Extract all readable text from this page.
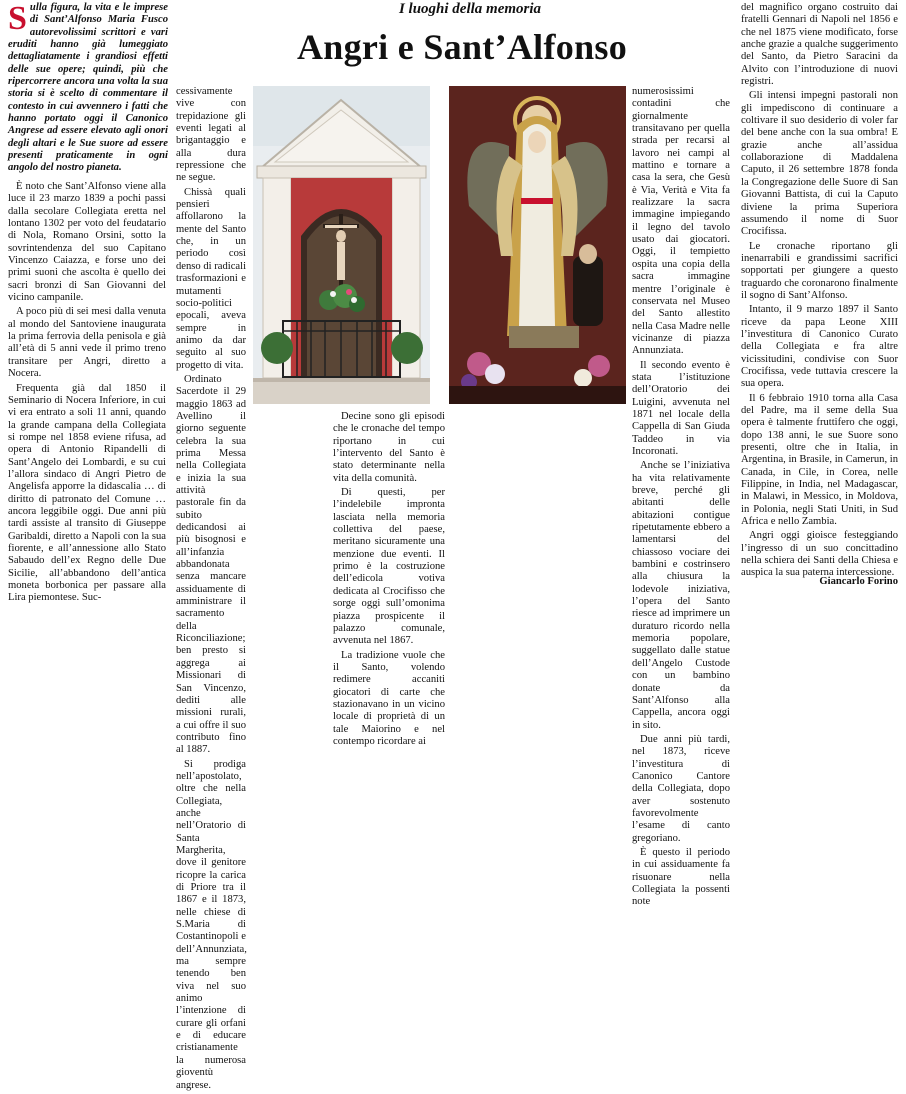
I luoghi della memoria
Angri e Sant’Alfonso
Sulla figura, la vita e le imprese di Sant’Alfonso Maria Fusco autorevolissimi scrittori e vari eruditi hanno già lumeggiato dettagliatamente i grandiosi effetti delle sue opere; quindi, più che ripercorrere ancora una volta la sua storia si è scelto di commentare il contesto in cui avvennero i fatti che hanno portato oggi il Canonico Angrese ad essere elevato agli onori degli altari e le Sue suore ad essere presenti praticamente in ogni angolo del nostro pianeta.

È noto che Sant’Alfonso viene alla luce il 23 marzo 1839 a pochi passi dalla secolare Collegiata eretta nel lontano 1302 per voto del feudatario di Nola, Romano Orsini, sotto la sovrintendenza del suo Capitano Vincenzo Caiazza, e forse uno dei primi suoni che ascolta è quello dei sacri bronzi di San Giovanni del vicino campanile.

A poco più di sei mesi dalla venuta al mondo del Santoviene inaugurata la prima ferrovia della penisola e già all’età di 5 anni vede il primo treno transitare per Angri, diretto a Nocera.

Frequenta già dal 1850 il Seminario di Nocera Inferiore, in cui vi era entrato a soli 11 anni, quando la grande campana della Collegiata si rompe nel 1858 eviene rifusa, ad opera di Antonio Ripandelli di Sant’Angelo dei Lombardi, e su cui l’allora sindaco di Angri Pietro de Angelisfa apporre la didascalia … di diritto di patronato del Comune … ancora leggibile oggi. Due anni più tardi assiste al transito di Giuseppe Garibaldi, diretto a Napoli con la sua fiorente, e all’annessione allo Stato Sabaudo dell’ex Regno delle Due Sicilie, all’abbandono dell’antica moneta borbonica per passare alla Lira piemontese. Suc-

cessivamente vive con trepidazione gli eventi legati al brigantaggio e alla dura repressione che ne segue.

Chissà quali pensieri affollarono la mente del Santo che, in un periodo così denso di radicali trasformazioni e mutamenti socio-politici epocali, aveva sempre in animo da dar seguito al suo progetto di vita.

Ordinato Sacerdote il 29 maggio 1863 ad Avellino il giorno seguente celebra la sua prima Messa nella Collegiata e inizia la sua attività pastorale fin da subito dedicandosi ai più bisognosi e all’infanzia abbandonata senza mancare assiduamente di amministrare il sacramento della Riconciliazione; ben presto si aggrega ai Missionari di San Vincenzo, dediti alle missioni rurali, a cui offre il suo contributo fino al 1887.

Si prodiga nell’apostolato, oltre che nella Collegiata, anche nell’Oratorio di Santa Margherita, dove il genitore ricopre la carica di Priore tra il 1867 e il 1873, nelle chiese di S.Maria di Costantinopoli e dell’Annunziata, ma sempre tenendo ben viva nel suo animo l’intenzione di curare gli orfani e di educare cristianamente la numerosa gioventù angrese.

Decine sono gli episodi che le cronache del tempo riportano in cui l’intervento del Santo è stato determinante nella vita della comunità.

Di questi, per l’indelebile impronta lasciata nella memoria collettiva del paese, meritano sicuramente una menzione due eventi. Il primo è la costruzione dell’edicola votiva dedicata al Crocifisso che sorge oggi sull’omonima piazza prospicente il palazzo comunale, avvenuta nel 1867.

La tradizione vuole che il Santo, volendo redimere accaniti giocatori di carte che stazionavano in un vicino locale di proprietà di un tale Maiorino e nel contempo ricordare ai

numerosissimi contadini che giornalmente transitavano per quella strada per recarsi al lavoro nei campi al mattino e tornare a casa la sera, che Gesù è Via, Verità e Vita fa realizzare la sacra immagine impiegando il legno del tavolo usato dai giocatori. Oggi, il tempietto ospita una copia della sacra immagine mentre l’originale è conservata nel Museo del Santo allestito nella Casa Madre nelle vicinanze di piazza Annunziata.

Il secondo evento è stata l’istituzione dell’Oratorio dei Luigini, avvenuta nel 1871 nel locale della Cappella di San Giuda Taddeo in via Incoronati.

Anche se l’iniziativa ha vita relativamente breve, perché gli abitanti delle abitazioni contigue ripetutamente ebbero a lamentarsi del chiassoso vociare dei bambini e costrinsero alla chiusura la lodevole iniziativa, l’opera del Santo riesce ad imprimere un duraturo ricordo nella memoria popolare, suggellato dalle statue dell’Angelo Custode con un bambino donate da Sant’Alfonso alla Cappella, ancora oggi in sito.

Due anni più tardi, nel 1873, riceve l’investitura di Canonico Cantore della Collegiata, dopo aver sostenuto favorevolmente l’esame di canto gregoriano.

È questo il periodo in cui assiduamente fa risuonare nella Collegiata la possenti note

del magnifico organo costruito dai fratelli Gennari di Napoli nel 1856 e che nel 1875 viene modificato, forse anche grazie a qualche suggerimento del Santo, da Pietro Saracini da Alvito con l’introduzione di nuovi registri.

Gli intensi impegni pastorali non gli impediscono di continuare a coltivare il suo desiderio di voler far del bene anche con la sua ombra! E grazie anche all’assidua collaborazione di Maddalena Caputo, il 26 settembre 1878 fonda la Congregazione delle Suore di San Giovanni Battista, di cui la Caputo diviene la prima Superiora assumendo il nome di Suor Crocifissa.

Le cronache riportano gli inenarrabili e grandissimi sacrifici sopportati per giungere a questo traguardo che coronarono finalmente il sogno di Sant’Alfonso.

Intanto, il 9 marzo 1897 il Santo riceve da papa Leone XIII l’investitura di Canonico Curato della Collegiata e fra altre vicissitudini, condivise con Suor Crocifissa, vede tuttavia crescere la sua opera.

Il 6 febbraio 1910 torna alla Casa del Padre, ma il seme della Sua opera è talmente fruttifero che oggi, dopo 138 anni, le sue Suore sono presenti, oltre che in Italia, in Argentina, in Brasile, in Camerun, in Canada, in Cile, in Corea, nelle Filippine, in India, nel Madagascar, in Malawi, in Messico, in Moldova, in Polonia, negli Stati Uniti, in Sud Africa e nello Zambia.

Angri oggi gioisce festeggiando l’ingresso di un suo concittadino nella schiera dei Santi della Chiesa e auspica la sua paterna intercessione.

Giancarlo Forino
